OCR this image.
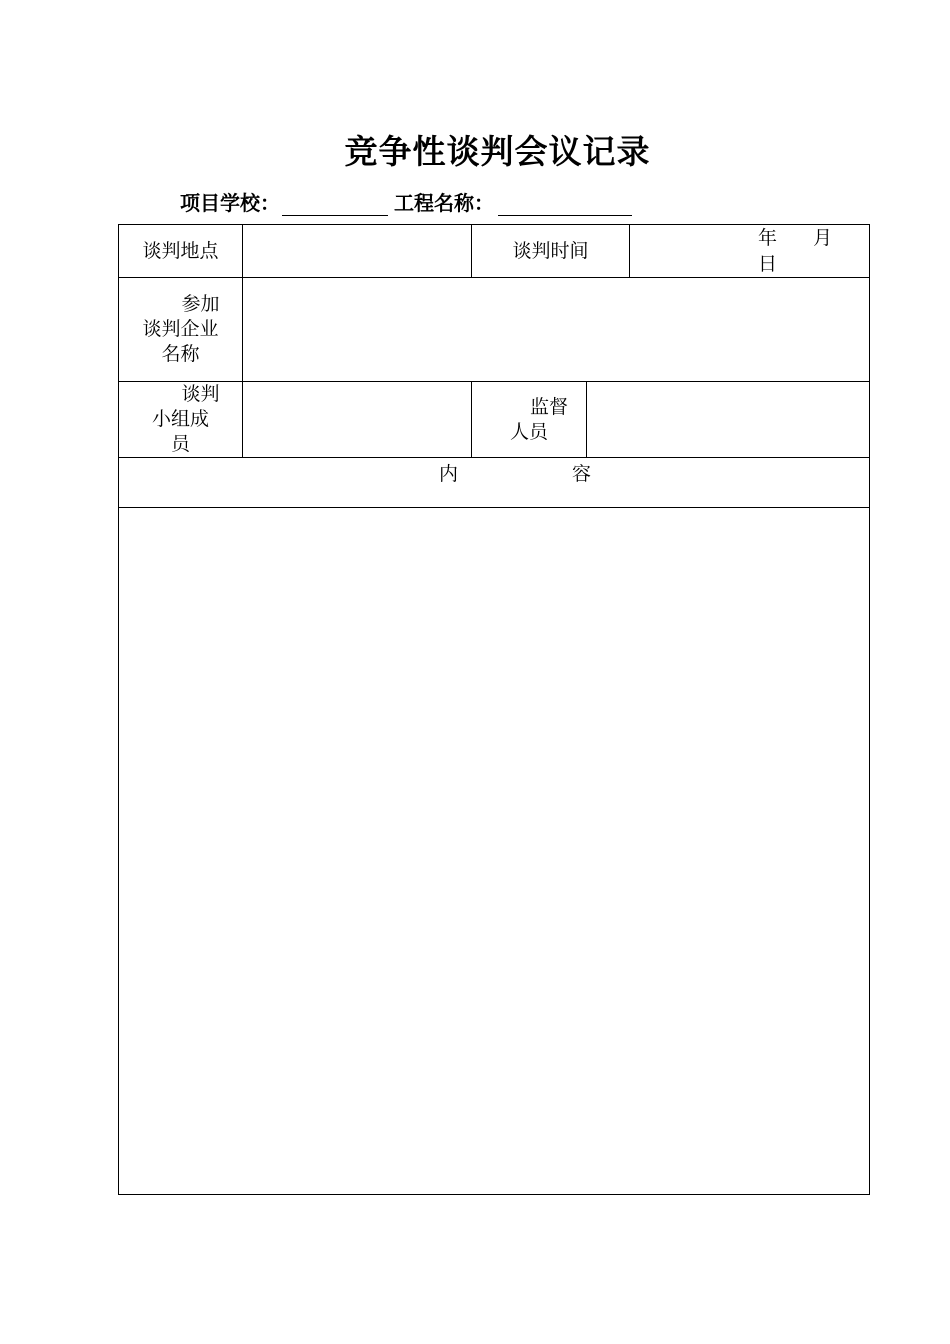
竞争性谈判会议记录
项目学校：	工程名称：
谈判地点		谈判时间		年 月  日

参加
谈判企业
名称				

谈判
小组成
员		监督
人员		

内 容				
